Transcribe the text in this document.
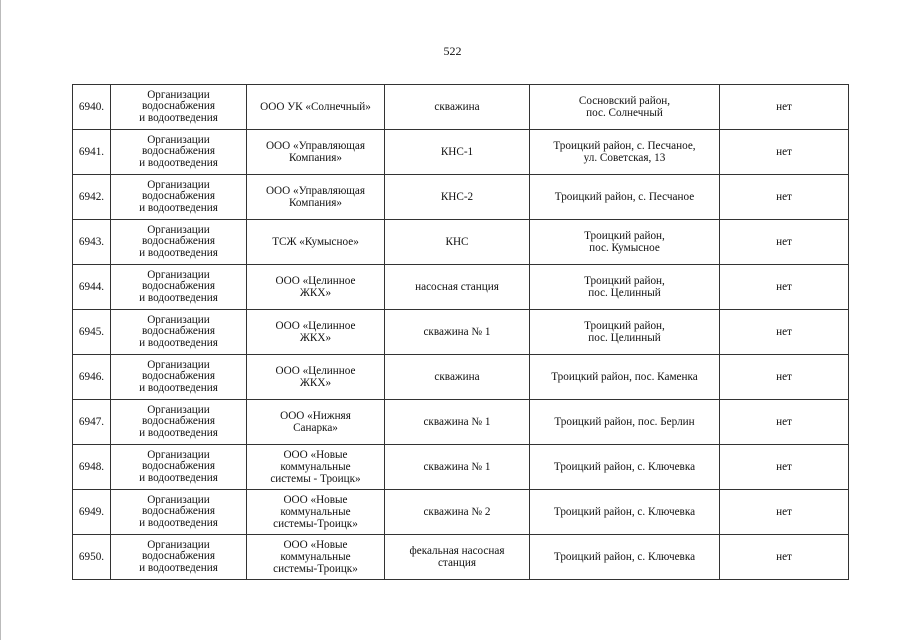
522
6940.	Организации
водоснабжения
и водоотведения	ООО УК «Солнечный»	скважина	Сосновский район,
пос. Солнечный	нет
6941.	Организации
водоснабжения
и водоотведения	ООО «Управляющая
Компания»	КНС-1	Троицкий район, с. Песчаное,
ул. Советская, 13	нет
6942.	Организации
водоснабжения
и водоотведения	ООО «Управляющая
Компания»	КНС-2	Троицкий район, с. Песчаное	нет
6943.	Организации
водоснабжения
и водоотведения	ТСЖ «Кумысное»	КНС	Троицкий район,
пос. Кумысное	нет
6944.	Организации
водоснабжения
и водоотведения	ООО «Целинное
ЖКХ»	насосная станция	Троицкий район,
пос. Целинный	нет
6945.	Организации
водоснабжения
и водоотведения	ООО «Целинное
ЖКХ»	скважина № 1	Троицкий район,
пос. Целинный	нет
6946.	Организации
водоснабжения
и водоотведения	ООО «Целинное
ЖКХ»	скважина	Троицкий район, пос. Каменка	нет
6947.	Организации
водоснабжения
и водоотведения	ООО «Нижняя
Санарка»	скважина № 1	Троицкий район, пос. Берлин	нет
6948.	Организации
водоснабжения
и водоотведения	ООО «Новые
коммунальные
системы - Троицк»	скважина № 1	Троицкий район, с. Ключевка	нет
6949.	Организации
водоснабжения
и водоотведения	ООО «Новые
коммунальные
системы-Троицк»	скважина № 2	Троицкий район, с. Ключевка	нет
6950.	Организации
водоснабжения
и водоотведения	ООО «Новые
коммунальные
системы-Троицк»	фекальная насосная
станция	Троицкий район, с. Ключевка	нет
